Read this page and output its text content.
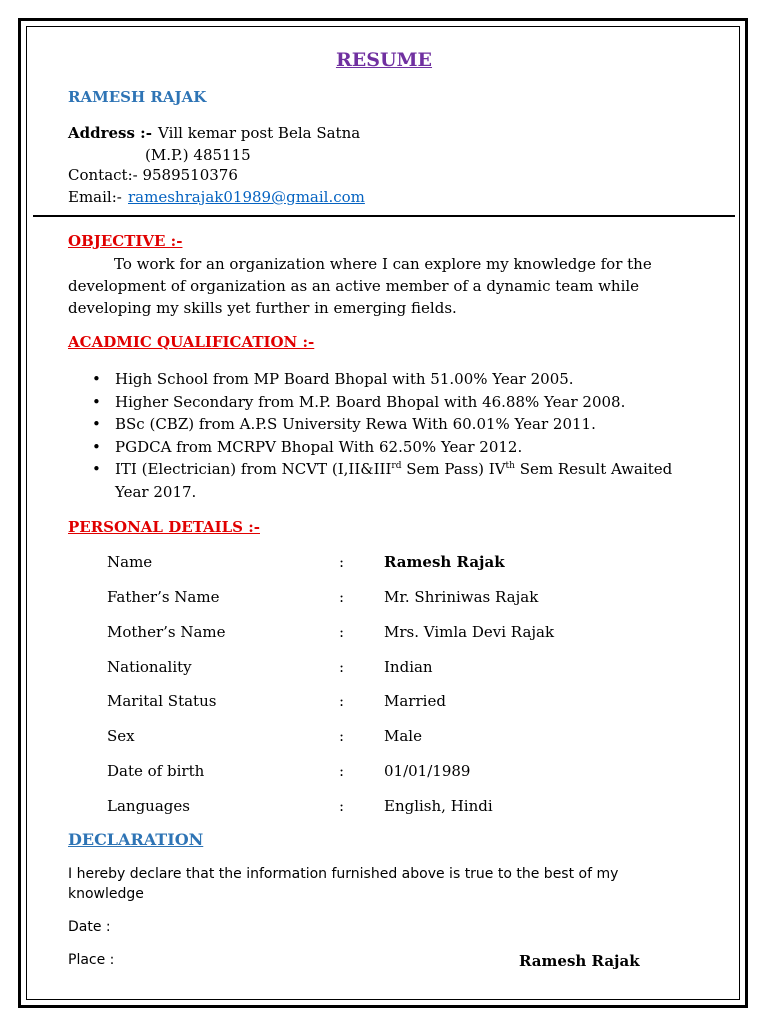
RESUME
RAMESH RAJAK
Address :- Vill kemar post Bela Satna
(M.P.) 485115
Contact:- 9589510376
Email:- rameshrajak01989@gmail.com
OBJECTIVE :-
To work for an organization where I can explore my knowledge for the development of organization as an active member of a dynamic team while developing my skills yet further in emerging fields.
ACADMIC QUALIFICATION :-
• High School from MP Board Bhopal with 51.00% Year 2005.
• Higher Secondary from M.P. Board Bhopal with 46.88% Year 2008.
• BSc (CBZ) from A.P.S University Rewa With 60.01% Year 2011.
• PGDCA from MCRPV Bhopal With 62.50% Year 2012.
• ITI (Electrician) from NCVT (I,II&IIIrd Sem Pass) IVth Sem Result Awaited Year 2017.
PERSONAL DETAILS :-
Name	:	Ramesh Rajak
Father’s Name	:	Mr. Shriniwas Rajak
Mother’s Name	:	Mrs. Vimla Devi Rajak
Nationality	:	Indian
Marital Status	:	Married
Sex	:	Male
Date of birth	:	01/01/1989
Languages	:	English, Hindi
DECLARATION
I hereby declare that the information furnished above is true to the best of my knowledge
Date :
Place :	Ramesh Rajak
